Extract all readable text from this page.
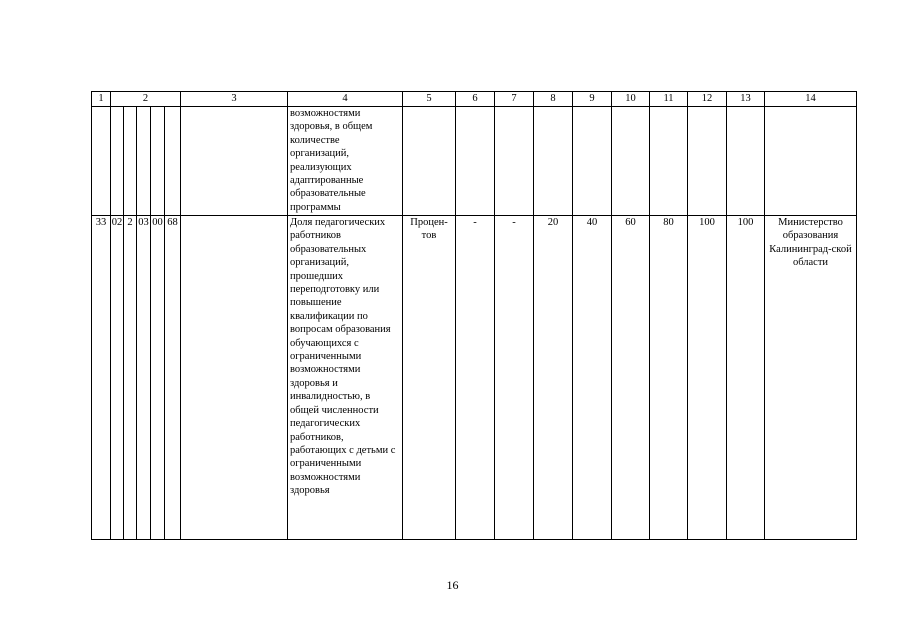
1	2					3	4	5	6	7	8	9	10	11	12	13	14
							возможностями здоровья, в общем количестве организаций, реализующих адаптированные образовательные программы										
33	02	2	03	00	68		Доля педагогических работников образовательных организаций, прошедших переподготовку или повышение квалификации по вопросам образования обучающихся с ограниченными возможностями здоровья и инвалидностью, в общей численности педагогических работников, работающих с детьми с ограниченными возможностями здоровья	Процен-тов	-	-	20	40	60	80	100	100	Министерство образования Калининград-ской области
16
